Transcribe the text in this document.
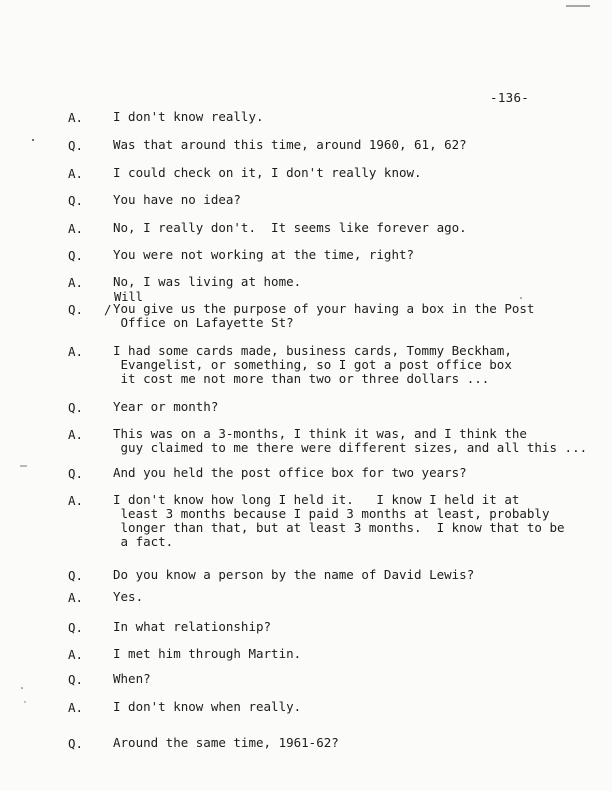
-136-
A. I don't know really.
Q. Was that around this time, around 1960, 61, 62?
A. I could check on it, I don't really know.
Q. You have no idea?
A. No, I really don't.  It seems like forever ago.
Q. You were not working at the time, right?
A. No, I was living at home.
Q.
Will
/ You give us the purpose of your having a box in the Post
Office on Lafayette St?
A. I had some cards made, business cards, Tommy Beckham,
Evangelist, or something, so I got a post office box
it cost me not more than two or three dollars ...
Q. Year or month?
A. This was on a 3-months, I think it was, and I think the
guy claimed to me there were different sizes, and all this ...
Q. And you held the post office box for two years?
A. I don't know how long I held it.   I know I held it at
least 3 months because I paid 3 months at least, probably
longer than that, but at least 3 months.  I know that to be
a fact.
Q. Do you know a person by the name of David Lewis?
A. Yes.
Q. In what relationship?
A. I met him through Martin.
Q. When?
A. I don't know when really.
Q. Around the same time, 1961-62?
